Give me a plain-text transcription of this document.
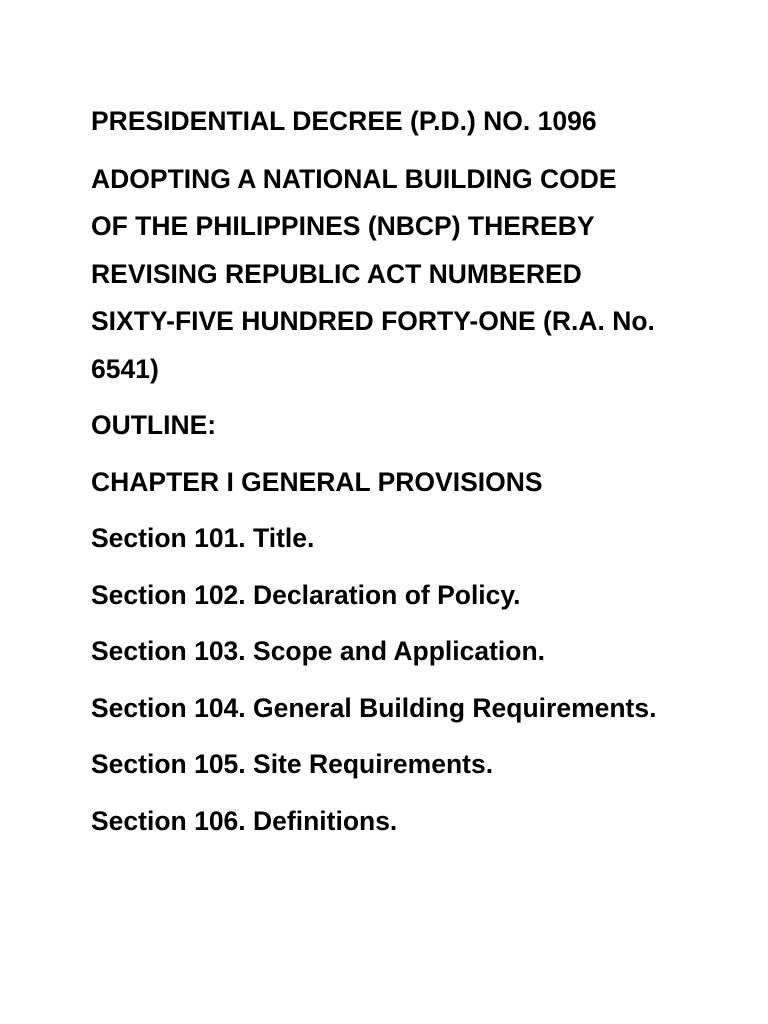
PRESIDENTIAL DECREE (P.D.) NO. 1096

ADOPTING A NATIONAL BUILDING CODE

OF THE PHILIPPINES (NBCP) THEREBY

REVISING REPUBLIC ACT NUMBERED

SIXTY-FIVE HUNDRED FORTY-ONE (R.A. No.

6541)

OUTLINE:

CHAPTER I GENERAL PROVISIONS

Section 101. Title.

Section 102. Declaration of Policy.

Section 103. Scope and Application.

Section 104. General Building Requirements.

Section 105. Site Requirements.

Section 106. Definitions.
